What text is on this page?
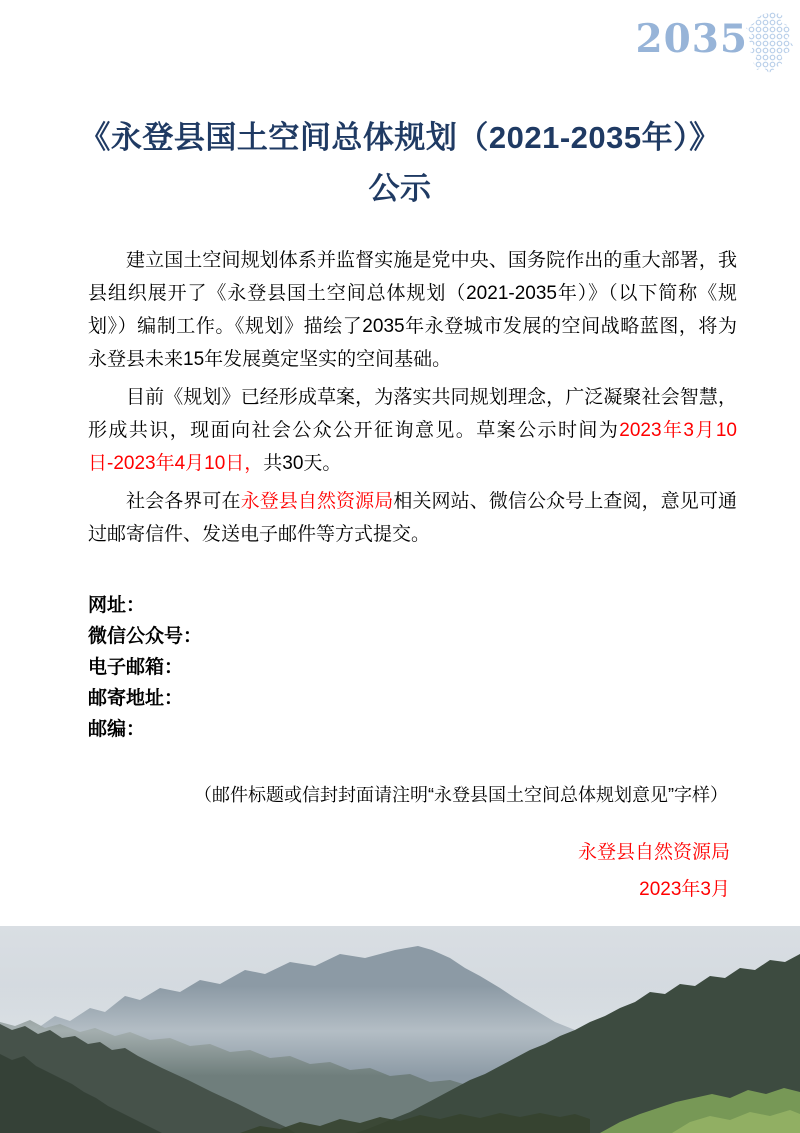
2035
《永登县国土空间总体规划（2021-2035年）》
公示

建立国土空间规划体系并监督实施是党中央、国务院作出的重大部署，我县组织展开了《永登县国土空间总体规划（2021-2035年）》（以下简称《规划》）编制工作。《规划》描绘了2035年永登城市发展的空间战略蓝图，将为永登县未来15年发展奠定坚实的空间基础。

目前《规划》已经形成草案，为落实共同规划理念，广泛凝聚社会智慧，形成共识，现面向社会公众公开征询意见。草案公示时间为2023年3月10日-2023年4月10日，共30天。

社会各界可在永登县自然资源局相关网站、微信公众号上查阅，意见可通过邮寄信件、发送电子邮件等方式提交。

网址：
微信公众号：
电子邮箱：
邮寄地址：
邮编：
（邮件标题或信封封面请注明“永登县国土空间总体规划意见”字样）
永登县自然资源局
2023年3月
